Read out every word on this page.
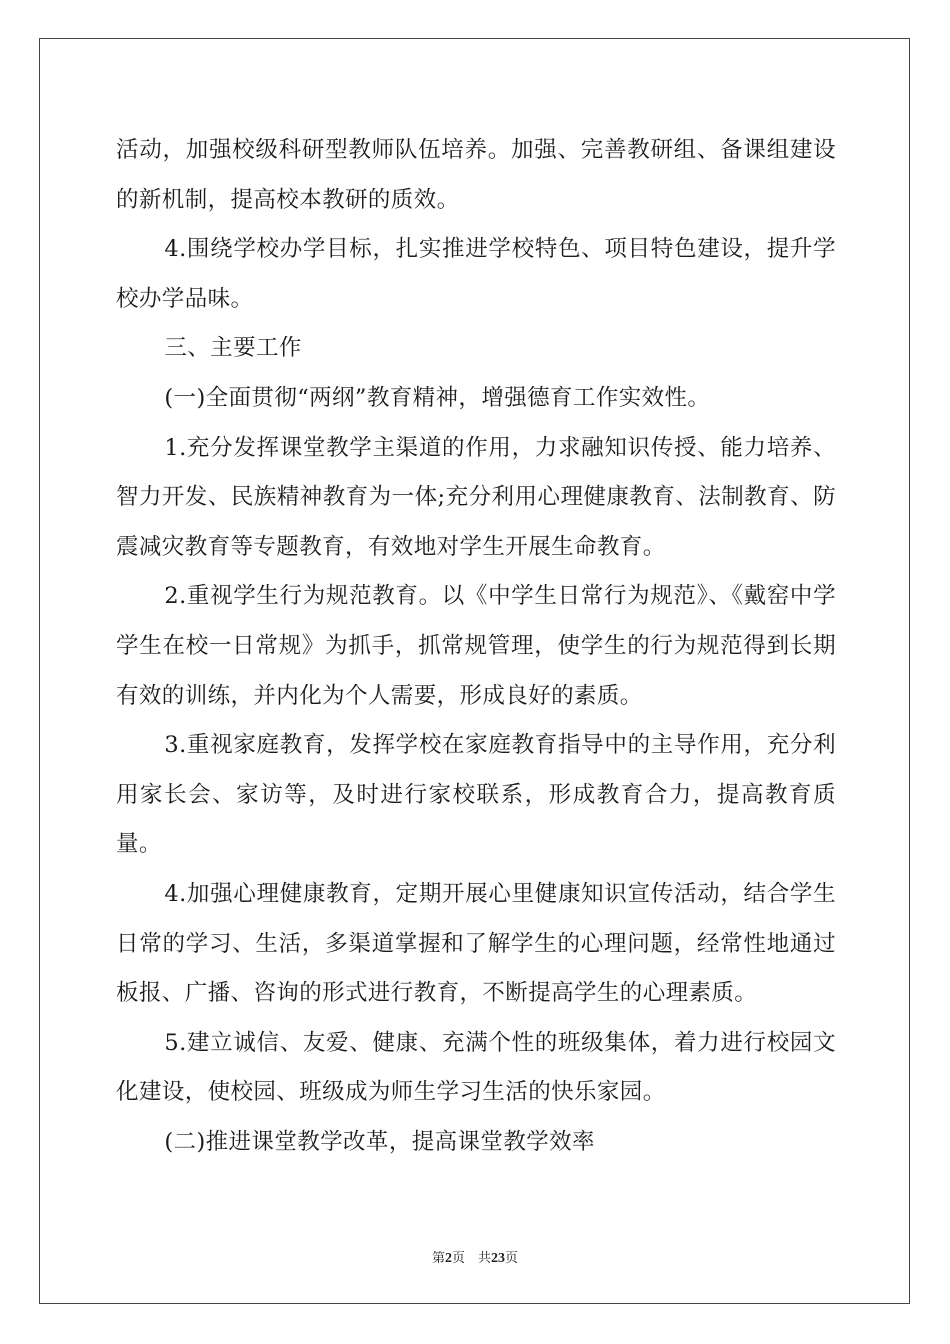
活动，加强校级科研型教师队伍培养。加强、完善教研组、备课组建设的新机制，提高校本教研的质效。

4.围绕学校办学目标，扎实推进学校特色、项目特色建设，提升学校办学品味。

三、主要工作

(一)全面贯彻“两纲”教育精神，增强德育工作实效性。

1.充分发挥课堂教学主渠道的作用，力求融知识传授、能力培养、智力开发、民族精神教育为一体;充分利用心理健康教育、法制教育、防震减灾教育等专题教育，有效地对学生开展生命教育。

2.重视学生行为规范教育。以《中学生日常行为规范》、《戴窑中学学生在校一日常规》为抓手，抓常规管理，使学生的行为规范得到长期有效的训练，并内化为个人需要，形成良好的素质。

3.重视家庭教育，发挥学校在家庭教育指导中的主导作用，充分利用家长会、家访等，及时进行家校联系，形成教育合力，提高教育质量。

4.加强心理健康教育，定期开展心里健康知识宣传活动，结合学生日常的学习、生活，多渠道掌握和了解学生的心理问题，经常性地通过板报、广播、咨询的形式进行教育，不断提高学生的心理素质。

5.建立诚信、友爱、健康、充满个性的班级集体，着力进行校园文化建设，使校园、班级成为师生学习生活的快乐家园。

(二)推进课堂教学改革，提高课堂教学效率

第2页　共23页
